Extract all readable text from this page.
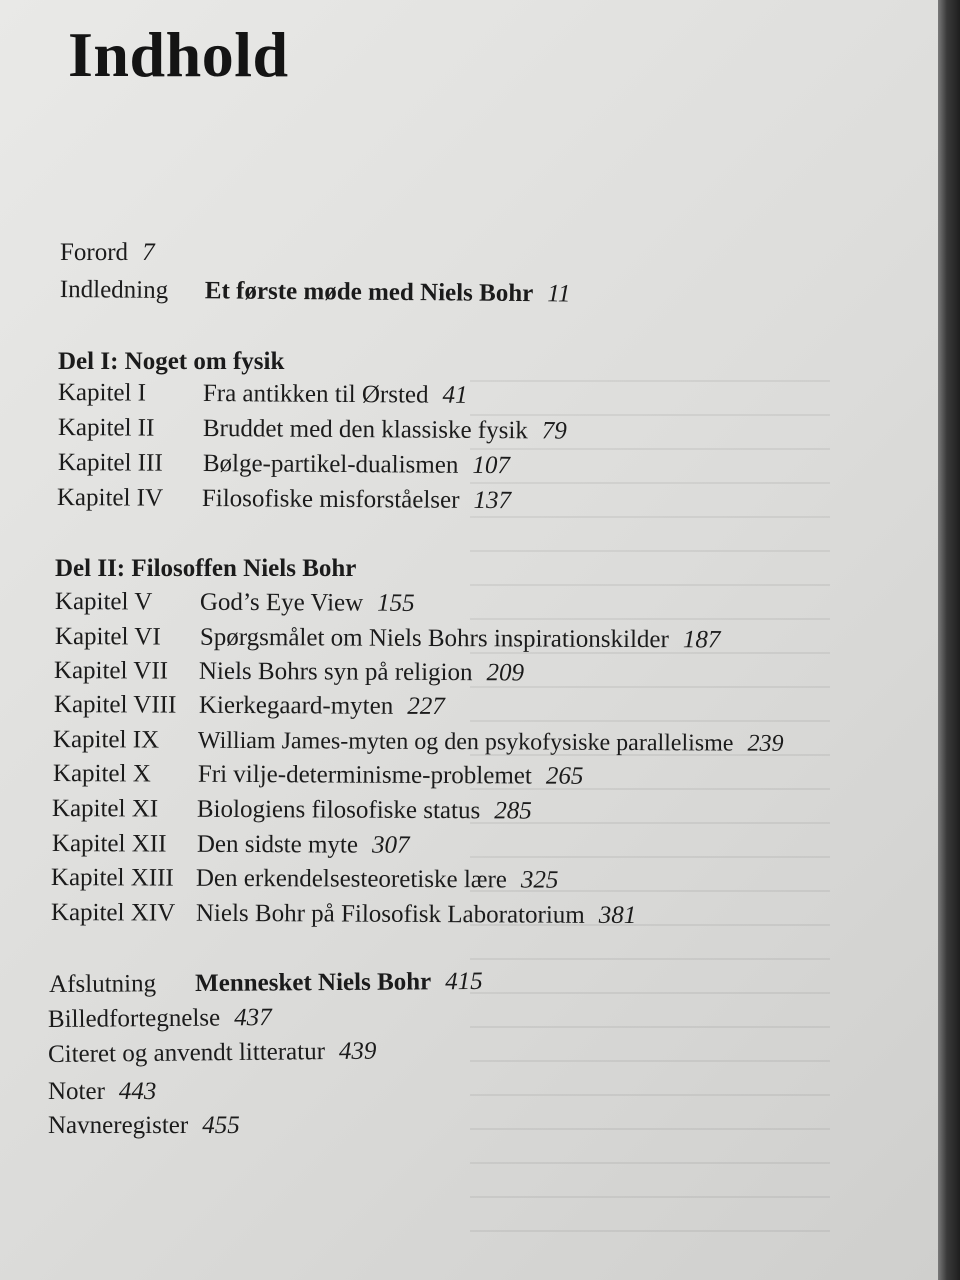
Indhold
Forord 7
Indledning Et første møde med Niels Bohr 11
Del I: Noget om fysik
Kapitel I Fra antikken til Ørsted 41
Kapitel II Bruddet med den klassiske fysik 79
Kapitel III Bølge-partikel-dualismen 107
Kapitel IV Filosofiske misforståelser 137
Del II: Filosoffen Niels Bohr
Kapitel V God’s Eye View 155
Kapitel VI Spørgsmålet om Niels Bohrs inspirationskilder 187
Kapitel VII Niels Bohrs syn på religion 209
Kapitel VIII Kierkegaard-myten 227
Kapitel IX William James-myten og den psykofysiske parallelisme 239
Kapitel X Fri vilje-determinisme-problemet 265
Kapitel XI Biologiens filosofiske status 285
Kapitel XII Den sidste myte 307
Kapitel XIII Den erkendelsesteoretiske lære 325
Kapitel XIV Niels Bohr på Filosofisk Laboratorium 381
Afslutning Mennesket Niels Bohr 415
Billedfortegnelse 437
Citeret og anvendt litteratur 439
Noter 443
Navneregister 455
